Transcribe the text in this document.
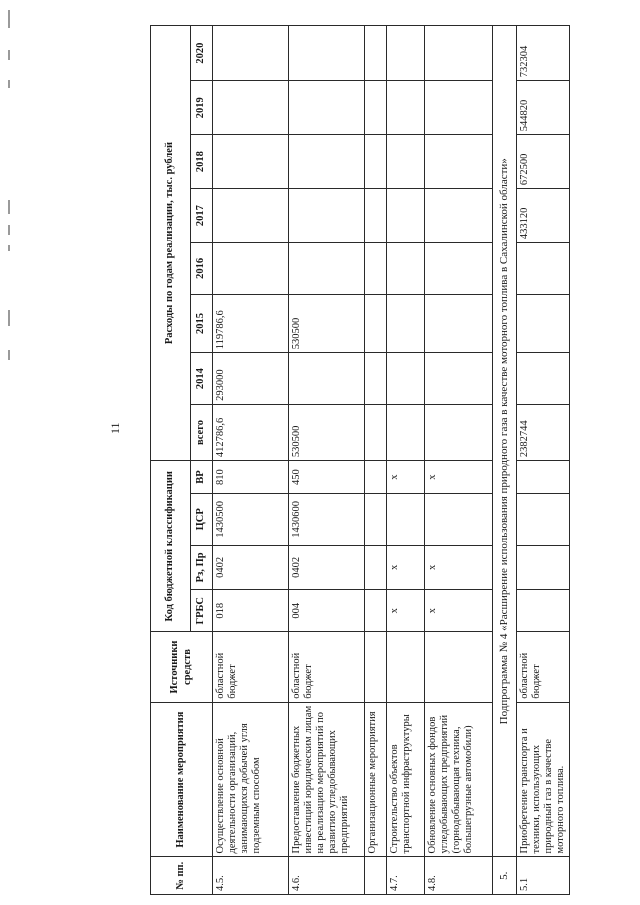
11
№ пп.	Наименование мероприятия	Источники средств	Код бюджетной классификации				Расходы по годам реализации, тыс. рублей							
			ГРБС	Рз, Пр	ЦСР	ВР	всего	2014	2015	2016	2017	2018	2019	2020
4.5.	Осуществление основной деятельности организаций, занимающихся добычей угля подземным способом	областной бюджет	018	0402	1430500	810	412786,6	293000	119786,6					
4.6.	Предоставление бюджетных инвестиций юридическим лицам на реализацию мероприятий по развитию угледобывающих предприятий	областной бюджет	004	0402	1430600	450	530500		530500					
	Организационные мероприятия													
4.7.	Строительство объектов транспортной инфраструктуры		х	х		х								
4.8.	Обновление основных фондов угледобывающих предприятий (горнодобывающая техника, большегрузные автомобили)		х	х		х								
5.	Подпрограмма № 4 «Расширение использования природного газа в качестве моторного топлива в Сахалинской области»													
5.1	Приобретение транспорта и техники, использующих природный газ в качестве моторного топлива.	областной бюджет					2382744				433120	672500	544820	732304
